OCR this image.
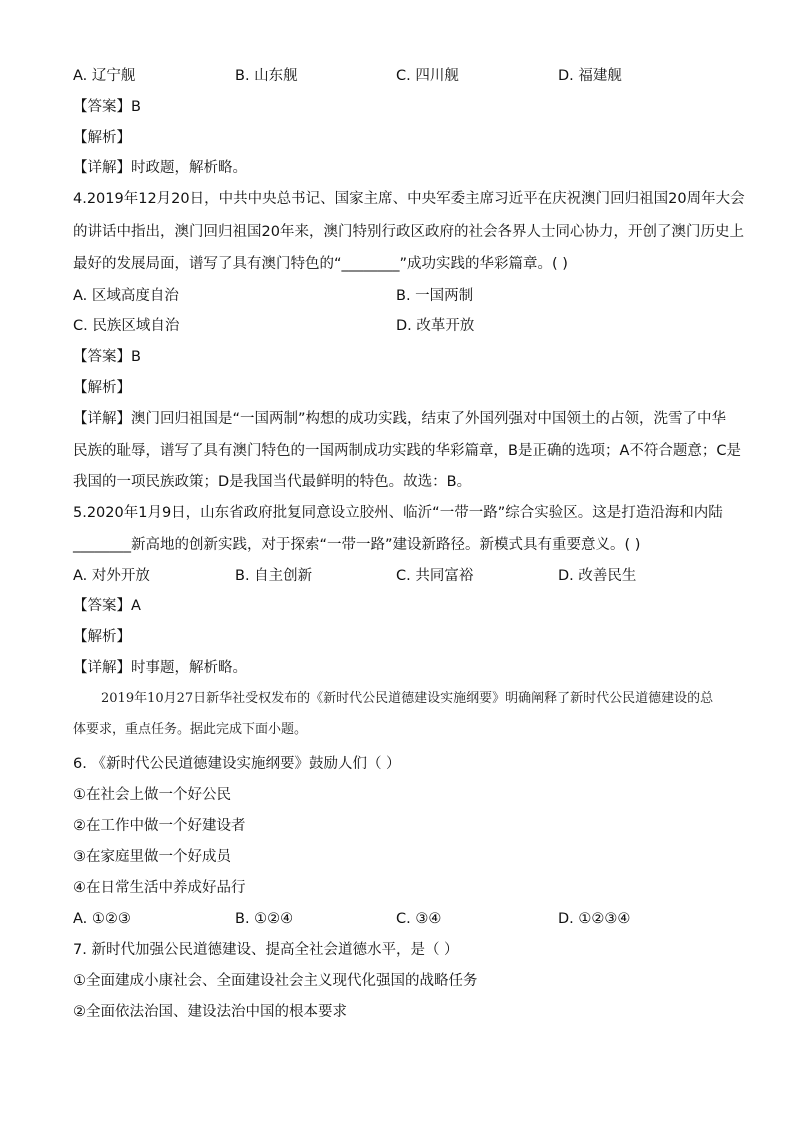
A. 辽宁舰	B. 山东舰	C. 四川舰	D. 福建舰
【答案】B
【解析】
【详解】时政题，解析略。
4.2019年12月20日，中共中央总书记、国家主席、中央军委主席习近平在庆祝澳门回归祖国20周年大会
的讲话中指出，澳门回归祖国20年来，澳门特别行政区政府的社会各界人士同心协力，开创了澳门历史上
最好的发展局面，谱写了具有澳门特色的“________”成功实践的华彩篇章。( )
A. 区域高度自治	B. 一国两制
C. 民族区域自治	D. 改革开放
【答案】B
【解析】
【详解】澳门回归祖国是“一国两制”构想的成功实践，结束了外国列强对中国领土的占领，洗雪了中华
民族的耻辱，谱写了具有澳门特色的一国两制成功实践的华彩篇章，B是正确的选项；A不符合题意；C是
我国的一项民族政策；D是我国当代最鲜明的特色。故选：B。
5.2020年1月9日，山东省政府批复同意设立胶州、临沂“一带一路”综合实验区。这是打造沿海和内陆
________新高地的创新实践，对于探索“一带一路”建设新路径。新模式具有重要意义。( )
A. 对外开放	B. 自主创新	C. 共同富裕	D. 改善民生
【答案】A
【解析】
【详解】时事题，解析略。
2019年10月27日新华社受权发布的《新时代公民道德建设实施纲要》明确阐释了新时代公民道德建设的总体要求，重点任务。据此完成下面小题。
6. 《新时代公民道德建设实施纲要》鼓励人们（ ）
①在社会上做一个好公民
②在工作中做一个好建设者
③在家庭里做一个好成员
④在日常生活中养成好品行
A. ①②③	B. ①②④	C. ③④	D. ①②③④
7. 新时代加强公民道德建设、提高全社会道德水平，是（ ）
①全面建成小康社会、全面建设社会主义现代化强国的战略任务
②全面依法治国、建设法治中国的根本要求
